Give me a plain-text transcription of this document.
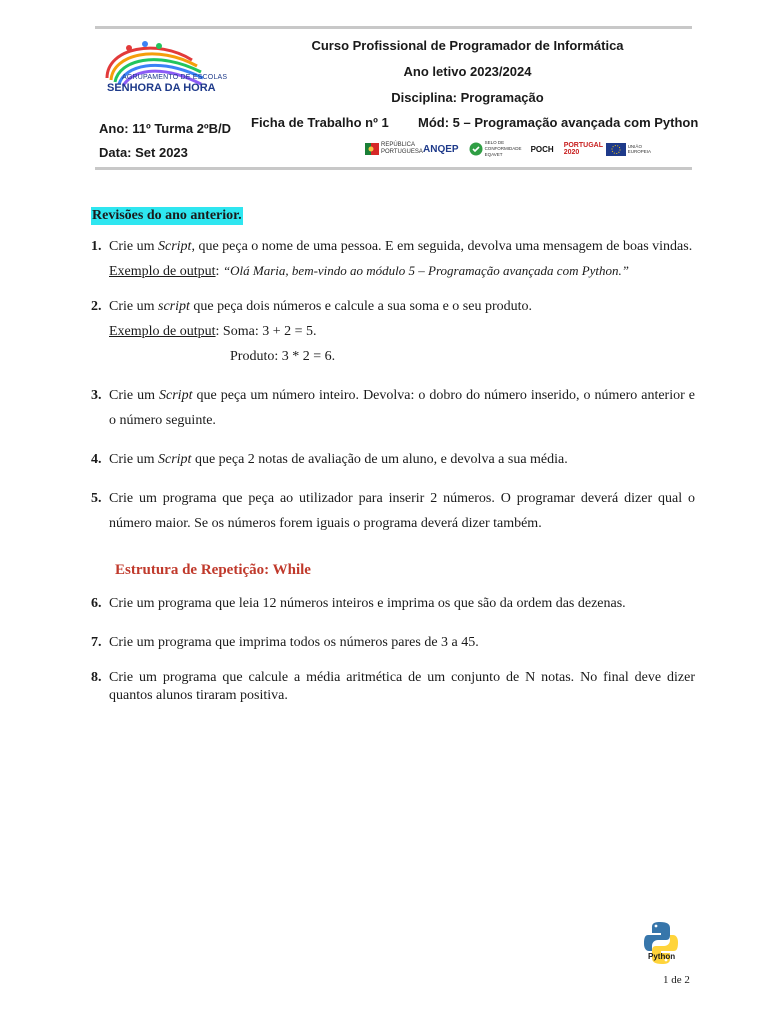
AGRUPAMENTO DE ESCOLAS
SENHORA DA HORA
Curso Profissional de Programador de Informática
Ano letivo 2023/2024
Disciplina: Programação
Ano: 11º Turma 2ºB/D Ficha de Trabalho nº 1 Mód: 5 – Programação avançada com Python
Data: Set 2023	REPÚBLICA PORTUGUESA ANQEP
SELO DE CONFORMIDADE EQAVET
POCH PORTUGAL 2020
UNIÃO EUROPEIA
Revisões do ano anterior.
1. Crie um Script, que peça o nome de uma pessoa. E em seguida, devolva uma mensagem de boas vindas.
Exemplo de output: “Olá Maria, bem-vindo ao módulo 5 – Programação avançada com Python.”
2. Crie um script que peça dois números e calcule a sua soma e o seu produto.
Exemplo de output: Soma: 3 + 2 = 5.
Produto: 3 * 2 = 6.
3. Crie um Script que peça um número inteiro. Devolva: o dobro do número inserido, o número anterior e o número seguinte.
4. Crie um Script que peça 2 notas de avaliação de um aluno, e devolva a sua média.
5. Crie um programa que peça ao utilizador para inserir 2 números. O programar deverá dizer qual o número maior. Se os números forem iguais o programa deverá dizer também.
Estrutura de Repetição: While
6. Crie um programa que leia 12 números inteiros e imprima os que são da ordem das dezenas.
7. Crie um programa que imprima todos os números pares de 3 a 45.
8. Crie um programa que calcule a média aritmética de um conjunto de N notas. No final deve dizer quantos alunos tiraram positiva.
Python
1 de 2
